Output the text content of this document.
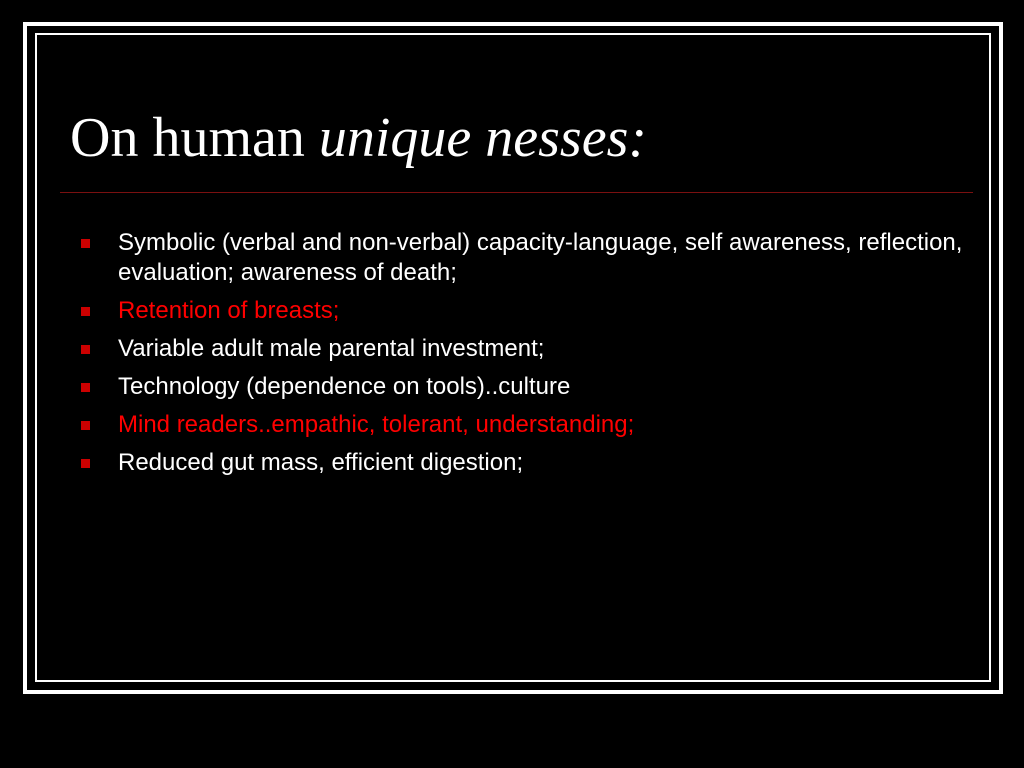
On human unique nesses:
Symbolic (verbal and non-verbal) capacity-language, self awareness, reflection, evaluation; awareness of death;
Retention of breasts;
Variable adult male parental investment;
Technology (dependence on tools)..culture
Mind readers..empathic, tolerant, understanding;
Reduced gut mass, efficient digestion;
